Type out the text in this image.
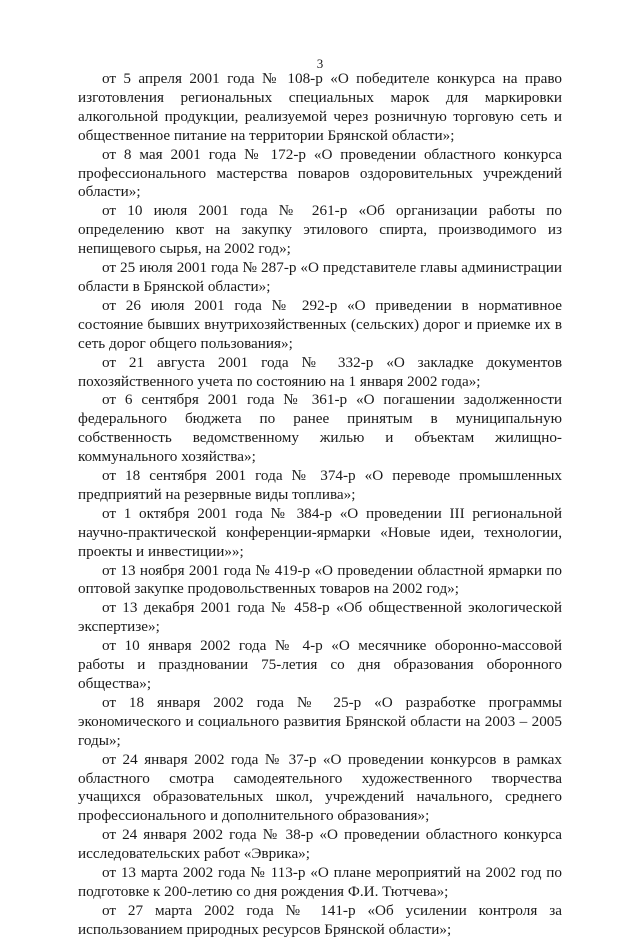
3

от 5 апреля 2001 года № 108-р «О победителе конкурса на право изготовления региональных специальных марок для маркировки алкогольной продукции, реализуемой через розничную торговую сеть и общественное питание на территории Брянской области»;

от 8 мая 2001 года № 172-р «О проведении областного конкурса профессионального мастерства поваров оздоровительных учреждений области»;

от 10 июля 2001 года № 261-р «Об организации работы по определению квот на закупку этилового спирта, производимого из непищевого сырья, на 2002 год»;

от 25 июля 2001 года № 287-р «О представителе главы администрации области в Брянской области»;

от 26 июля 2001 года № 292-р «О приведении в нормативное состояние бывших внутрихозяйственных (сельских) дорог и приемке их в сеть дорог общего пользования»;

от 21 августа 2001 года № 332-р «О закладке документов похозяйственного учета по состоянию на 1 января 2002 года»;

от 6 сентября 2001 года № 361-р «О погашении задолженности федерального бюджета по ранее принятым в муниципальную собственность ведомственному жилью и объектам жилищно-коммунального хозяйства»;

от 18 сентября 2001 года № 374-р «О переводе промышленных предприятий на резервные виды топлива»;

от 1 октября 2001 года № 384-р «О проведении III региональной научно-практической конференции-ярмарки «Новые идеи, технологии, проекты и инвестиции»»;

от 13 ноября 2001 года № 419-р «О проведении областной ярмарки по оптовой закупке продовольственных товаров на 2002 год»;

от 13 декабря 2001 года № 458-р «Об общественной экологической экспертизе»;

от 10 января 2002 года № 4-р «О месячнике оборонно-массовой работы и праздновании 75-летия со дня образования оборонного общества»;

от 18 января 2002 года № 25-р «О разработке программы экономического и социального развития Брянской области на 2003 – 2005 годы»;

от 24 января 2002 года № 37-р «О проведении конкурсов в рамках областного смотра самодеятельного художественного творчества учащихся образовательных школ, учреждений начального, среднего профессионального и дополнительного образования»;

от 24 января 2002 года № 38-р «О проведении областного конкурса исследовательских работ «Эврика»;

от 13 марта 2002 года № 113-р «О плане мероприятий на 2002 год по подготовке к 200-летию со дня рождения Ф.И. Тютчева»;

от 27 марта 2002 года № 141-р «Об усилении контроля за использованием природных ресурсов Брянской области»;
